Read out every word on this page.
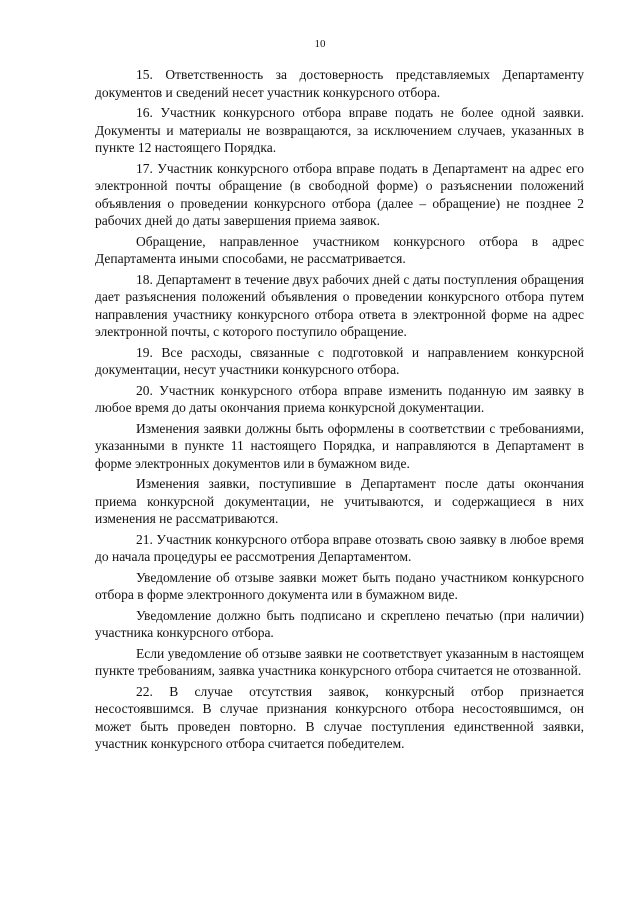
10

15. Ответственность за достоверность представляемых Департаменту документов и сведений несет участник конкурсного отбора.

16. Участник конкурсного отбора вправе подать не более одной заявки. Документы и материалы не возвращаются, за исключением случаев, указанных в пункте 12 настоящего Порядка.

17. Участник конкурсного отбора вправе подать в Департамент на адрес его электронной почты обращение (в свободной форме) о разъяснении положений объявления о проведении конкурсного отбора (далее – обращение) не позднее 2 рабочих дней до даты завершения приема заявок.

Обращение, направленное участником конкурсного отбора в адрес Департамента иными способами, не рассматривается.

18. Департамент в течение двух рабочих дней с даты поступления обращения дает разъяснения положений объявления о проведении конкурсного отбора путем направления участнику конкурсного отбора ответа в электронной форме на адрес электронной почты, с которого поступило обращение.

19. Все расходы, связанные с подготовкой и направлением конкурсной документации, несут участники конкурсного отбора.

20. Участник конкурсного отбора вправе изменить поданную им заявку в любое время до даты окончания приема конкурсной документации.

Изменения заявки должны быть оформлены в соответствии с требованиями, указанными в пункте 11 настоящего Порядка, и направляются в Департамент в форме электронных документов или в бумажном виде.

Изменения заявки, поступившие в Департамент после даты окончания приема конкурсной документации, не учитываются, и содержащиеся в них изменения не рассматриваются.

21. Участник конкурсного отбора вправе отозвать свою заявку в любое время до начала процедуры ее рассмотрения Департаментом.

Уведомление об отзыве заявки может быть подано участником конкурсного отбора в форме электронного документа или в бумажном виде.

Уведомление должно быть подписано и скреплено печатью (при наличии) участника конкурсного отбора.

Если уведомление об отзыве заявки не соответствует указанным в настоящем пункте требованиям, заявка участника конкурсного отбора считается не отозванной.

22. В случае отсутствия заявок, конкурсный отбор признается несостоявшимся. В случае признания конкурсного отбора несостоявшимся, он может быть проведен повторно. В случае поступления единственной заявки, участник конкурсного отбора считается победителем.
